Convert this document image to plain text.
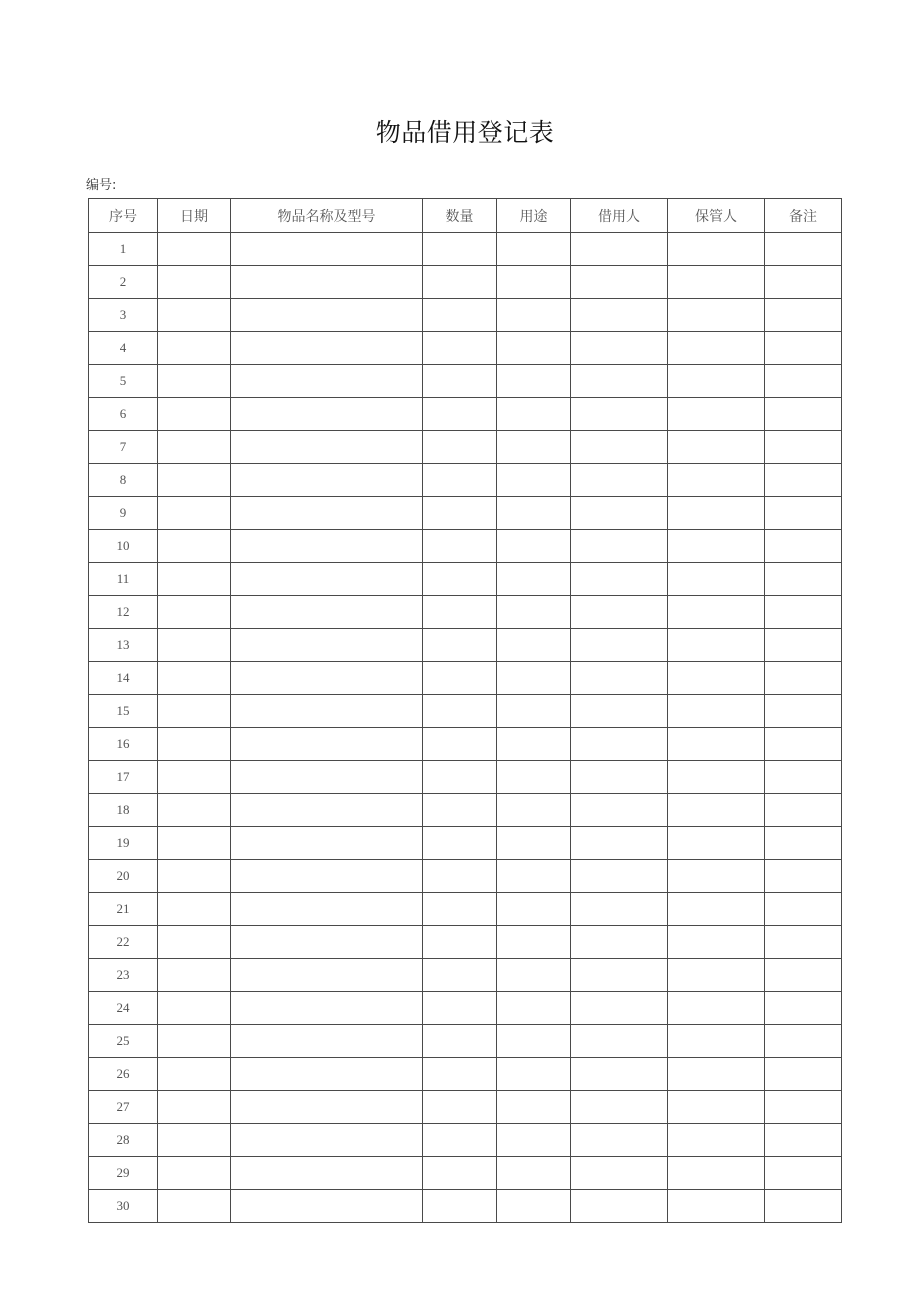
物品借用登记表
编号:
序号	日期	物品名称及型号	数量	用途	借用人	保管人	备注
1							
2							
3							
4							
5							
6							
7							
8							
9							
10							
11							
12							
13							
14							
15							
16							
17							
18							
19							
20							
21							
22							
23							
24							
25							
26							
27							
28							
29							
30							
